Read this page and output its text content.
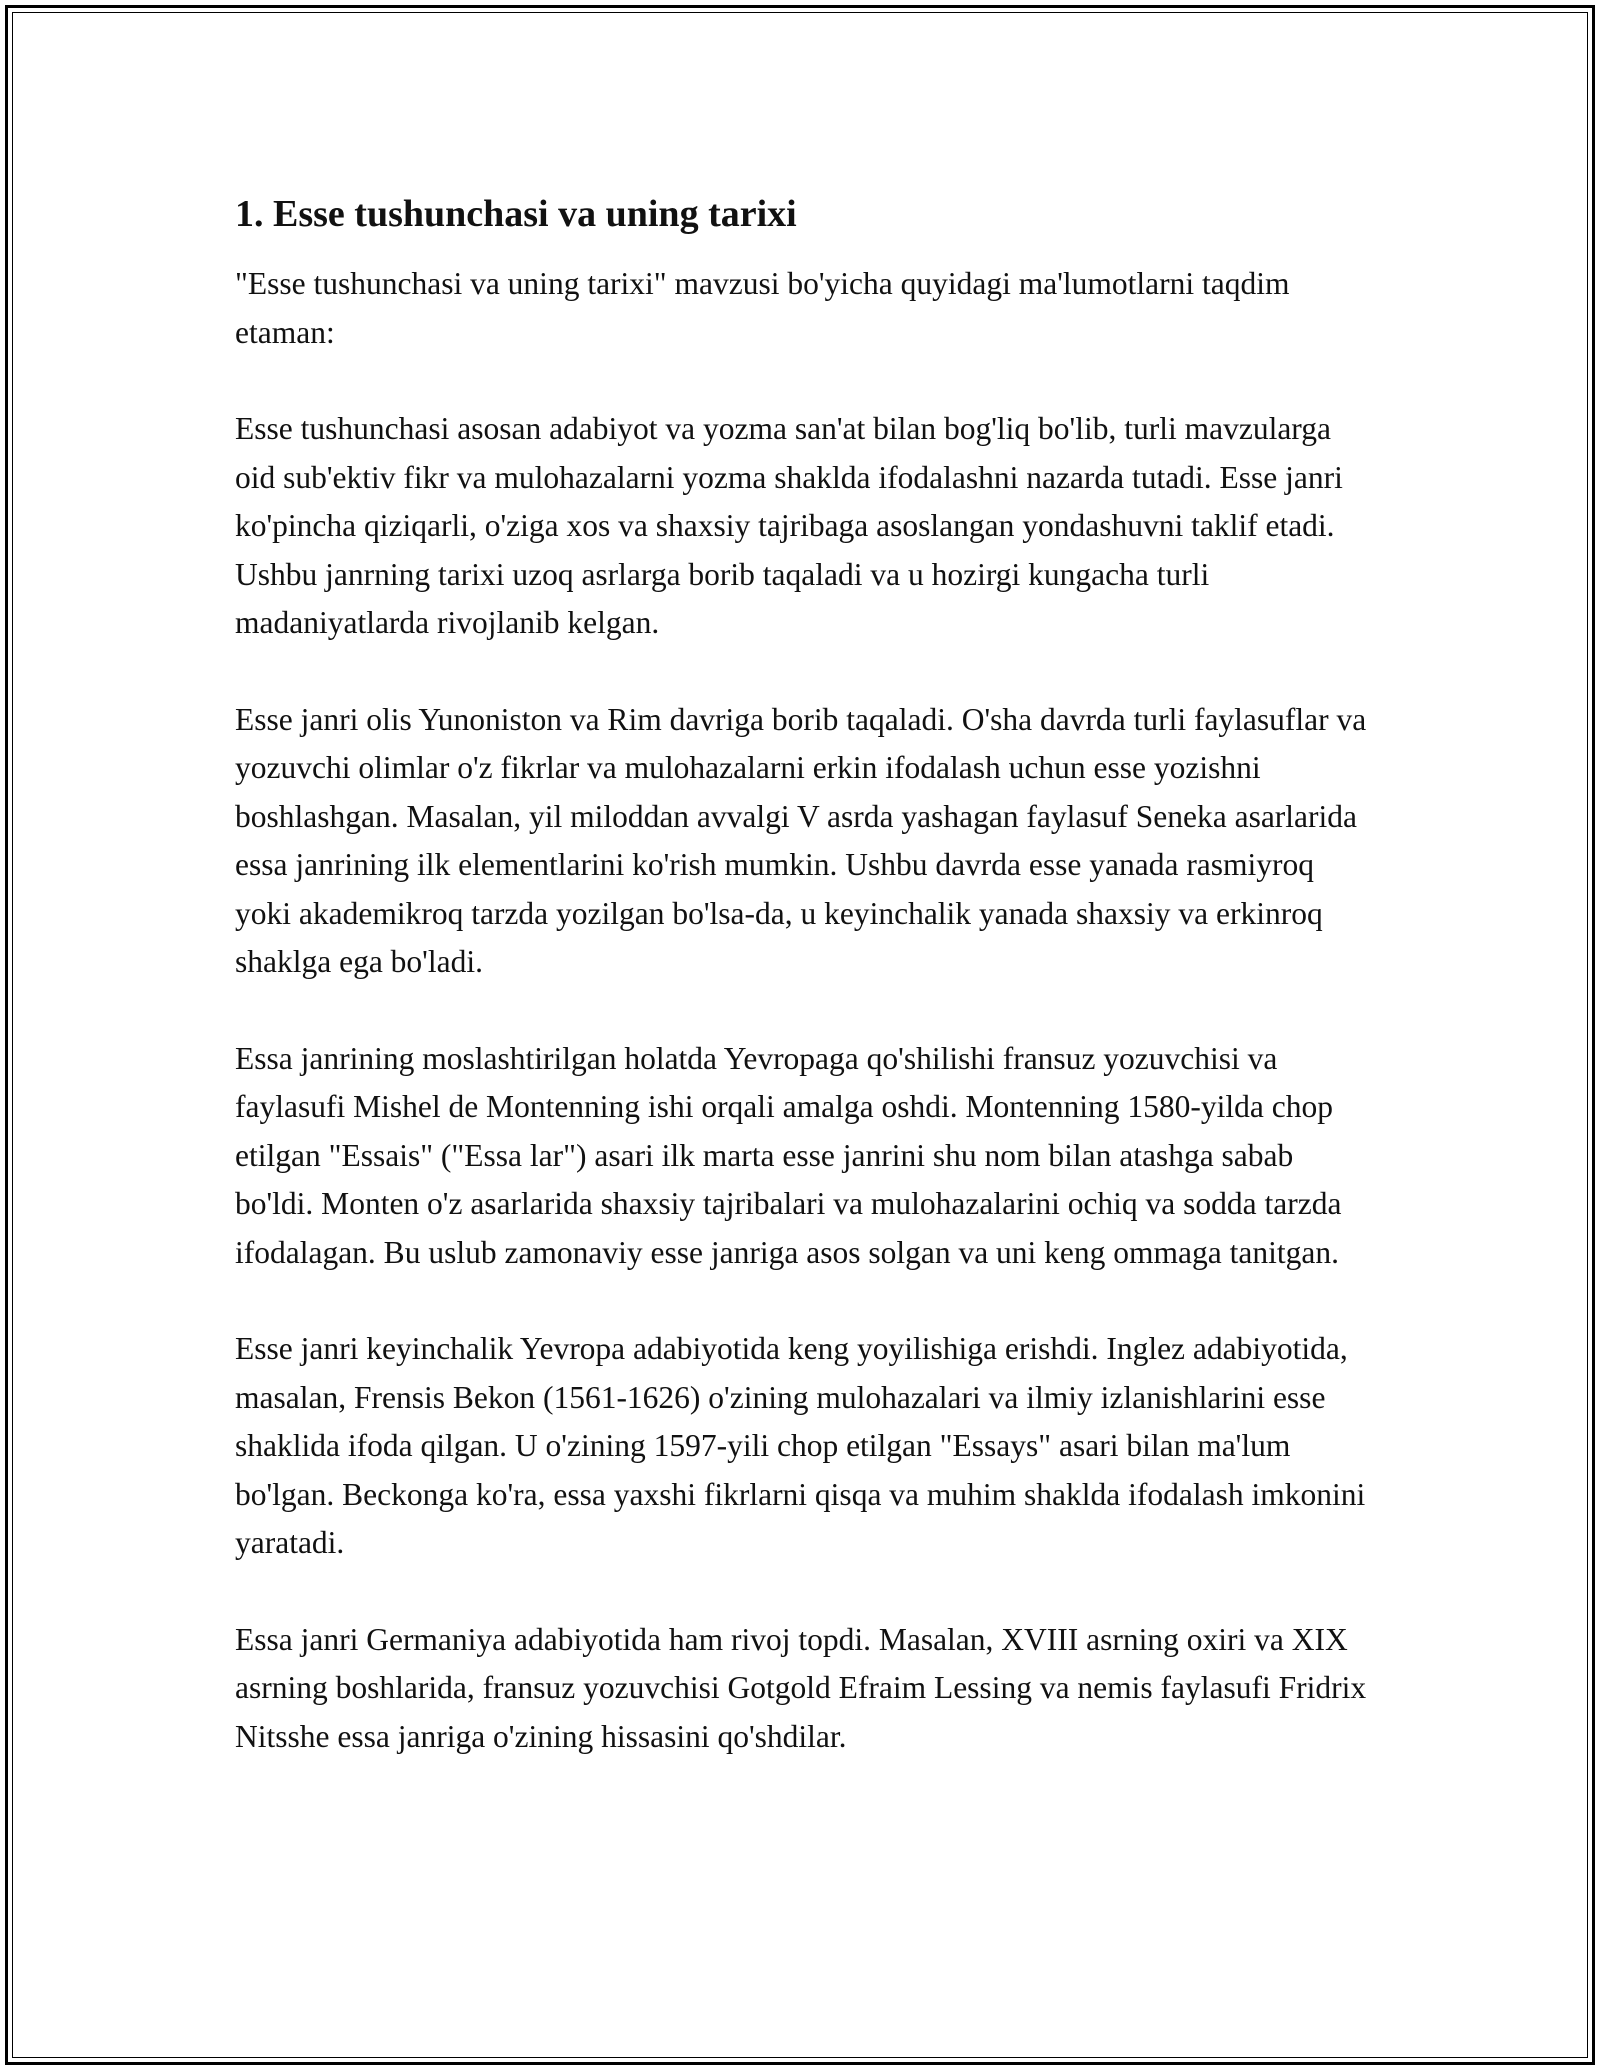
1. Esse tushunchasi va uning tarixi

"Esse tushunchasi va uning tarixi" mavzusi bo'yicha quyidagi ma'lumotlarni taqdim etaman:

Esse tushunchasi asosan adabiyot va yozma san'at bilan bog'liq bo'lib, turli mavzularga oid sub'ektiv fikr va mulohazalarni yozma shaklda ifodalashni nazarda tutadi. Esse janri ko'pincha qiziqarli, o'ziga xos va shaxsiy tajribaga asoslangan yondashuvni taklif etadi. Ushbu janrning tarixi uzoq asrlarga borib taqaladi va u hozirgi kungacha turli madaniyatlarda rivojlanib kelgan.

Esse janri olis Yunoniston va Rim davriga borib taqaladi. O'sha davrda turli faylasuflar va yozuvchi olimlar o'z fikrlar va mulohazalarni erkin ifodalash uchun esse yozishni boshlashgan. Masalan, yil miloddan avvalgi V asrda yashagan faylasuf Seneka asarlarida essa janrining ilk elementlarini ko'rish mumkin. Ushbu davrda esse yanada rasmiyroq yoki akademikroq tarzda yozilgan bo'lsa-da, u keyinchalik yanada shaxsiy va erkinroq shaklga ega bo'ladi.

Essa janrining moslashtirilgan holatda Yevropaga qo'shilishi fransuz yozuvchisi va faylasufi Mishel de Montenning ishi orqali amalga oshdi. Montenning 1580-yilda chop etilgan "Essais" ("Essa lar") asari ilk marta esse janrini shu nom bilan atashga sabab bo'ldi. Monten o'z asarlarida shaxsiy tajribalari va mulohazalarini ochiq va sodda tarzda ifodalagan. Bu uslub zamonaviy esse janriga asos solgan va uni keng ommaga tanitgan.

Esse janri keyinchalik Yevropa adabiyotida keng yoyilishiga erishdi. Inglez adabiyotida, masalan, Frensis Bekon (1561-1626) o'zining mulohazalari va ilmiy izlanishlarini esse shaklida ifoda qilgan. U o'zining 1597-yili chop etilgan "Essays" asari bilan ma'lum bo'lgan. Beckonga ko'ra, essa yaxshi fikrlarni qisqa va muhim shaklda ifodalash imkonini yaratadi.

Essa janri Germaniya adabiyotida ham rivoj topdi. Masalan, XVIII asrning oxiri va XIX asrning boshlarida, fransuz yozuvchisi Gotgold Efraim Lessing va nemis faylasufi Fridrix Nitsshe essa janriga o'zining hissasini qo'shdilar.
